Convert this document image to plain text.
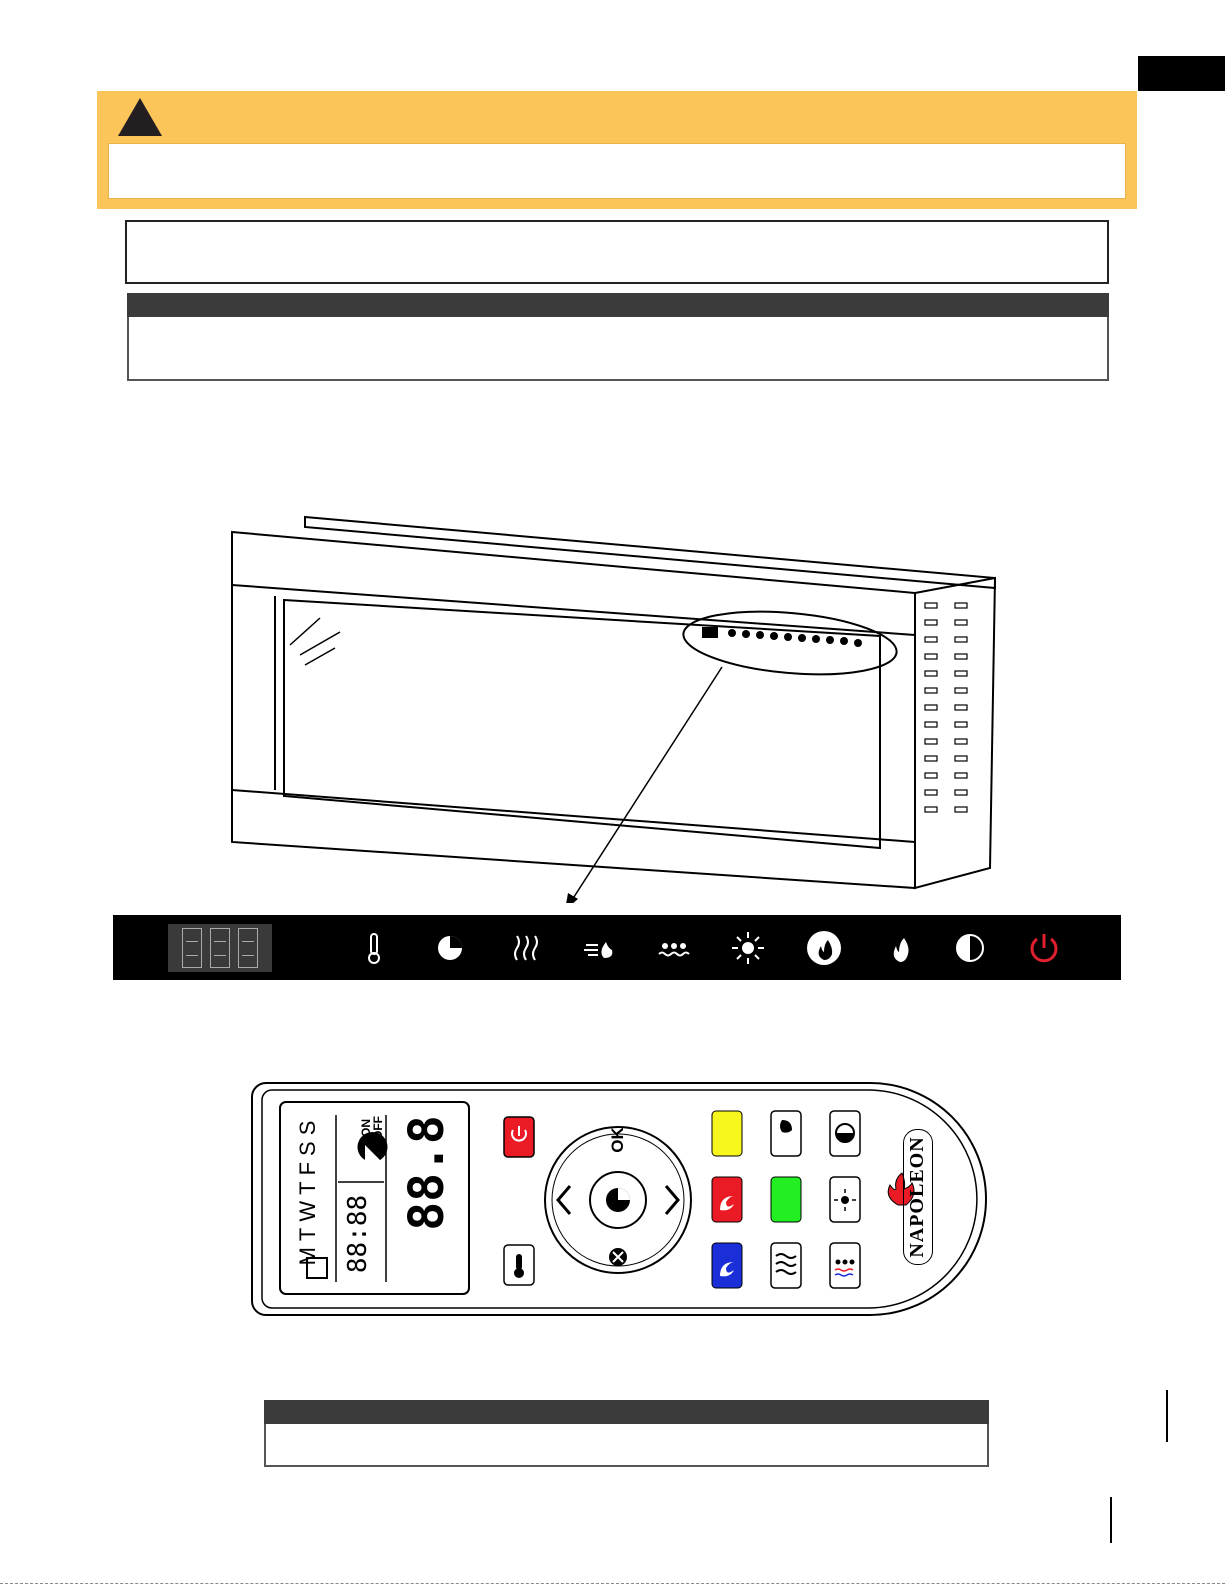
MTWTFSS	ON
OFF
88:88
88.8	OK	NAPOLEON
